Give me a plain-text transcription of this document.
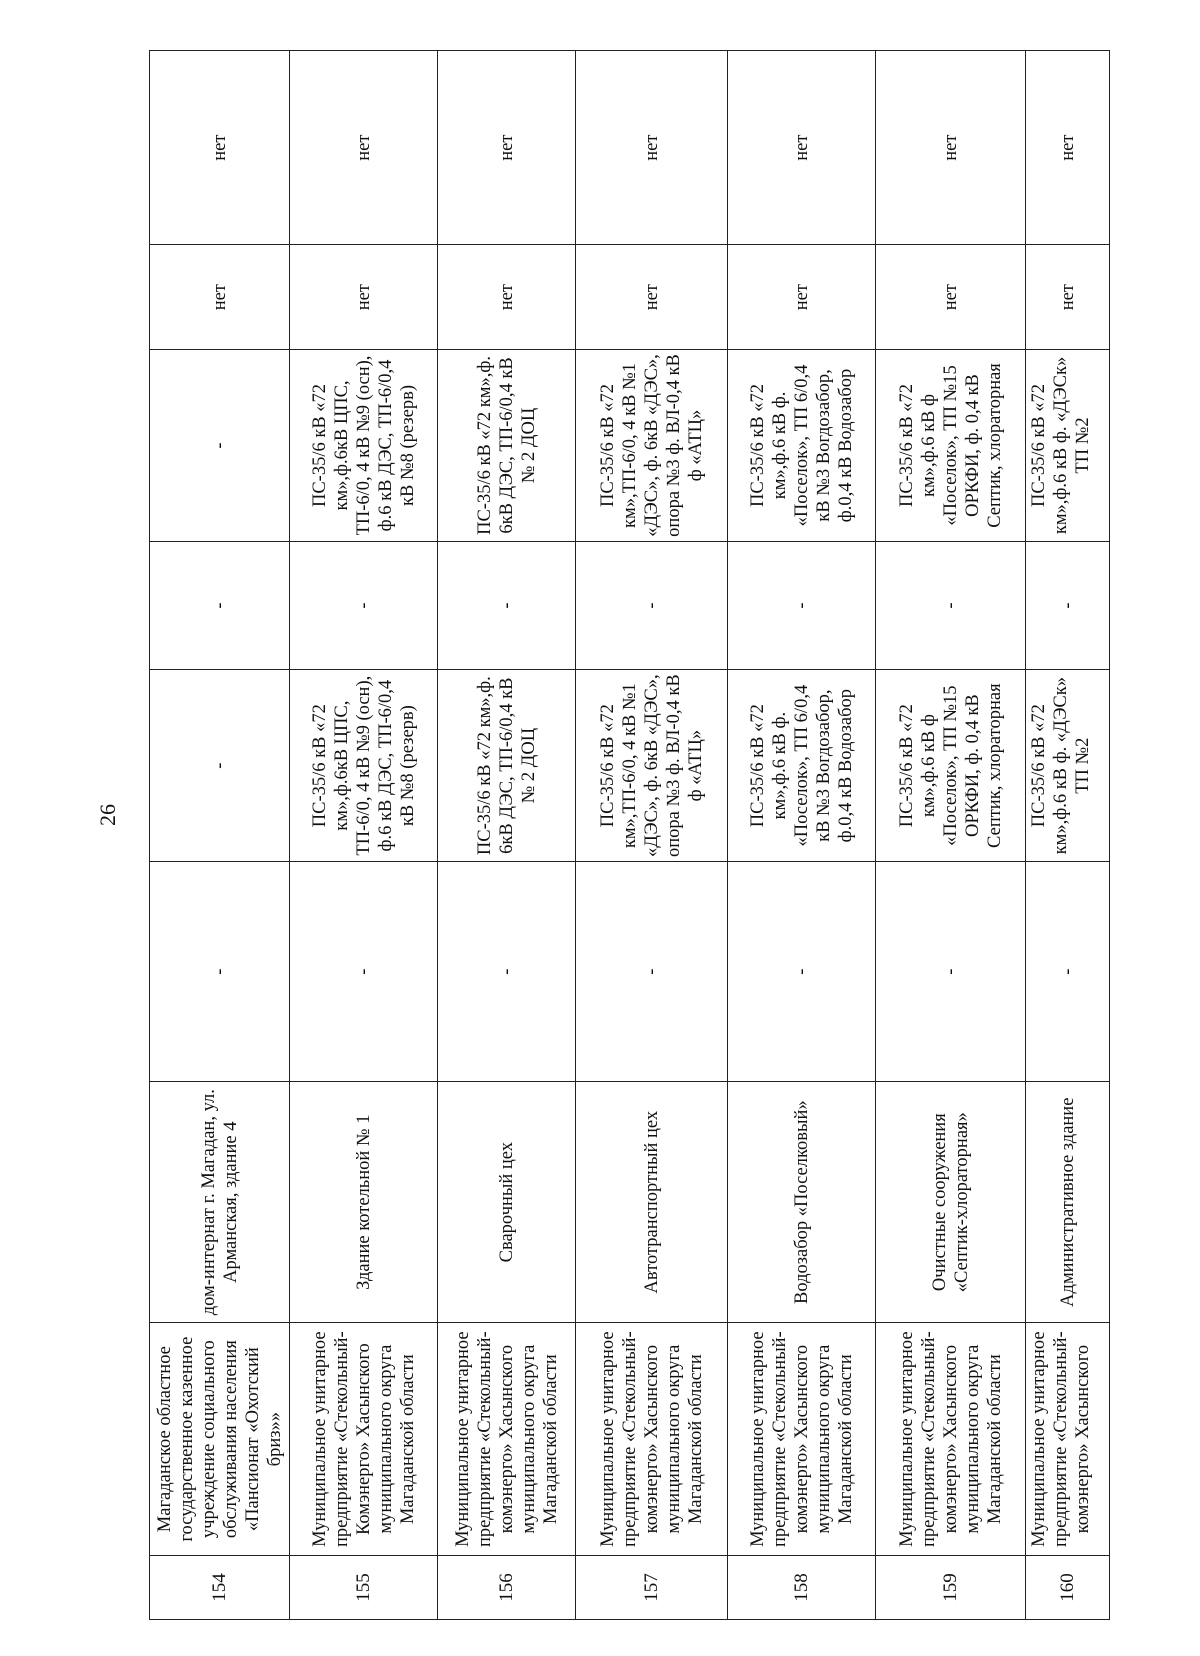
26
154	Магаданское областное государственное казенное учреждение социального обслуживания населения «Пансионат «Охотский бриз»»	дом-интернат г. Магадан, ул. Арманская, здание 4	-	-	-	-	нет	нет
155	Муниципальное унитарное предприятие «Стекольный-Комэнерго» Хасынского муниципального округа Магаданской области	Здание котельной № 1	-	ПС-35/6 кВ «72 км»,ф.6кВ ЦПС, ТП-6/0, 4 кВ №9 (осн), ф.6 кВ ДЭС, ТП-6/0,4 кВ №8 (резерв)	-	ПС-35/6 кВ «72 км»,ф.6кВ ЦПС, ТП-6/0, 4 кВ №9 (осн), ф.6 кВ ДЭС, ТП-6/0,4 кВ №8 (резерв)	нет	нет
156	Муниципальное унитарное предприятие «Стекольный-комэнерго» Хасынского муниципального округа Магаданской области	Сварочный цех	-	ПС-35/6 кВ «72 км»,ф. 6кВ ДЭС, ТП-6/0,4 кВ № 2 ДОЦ	-	ПС-35/6 кВ «72 км»,ф. 6кВ ДЭС, ТП-6/0,4 кВ № 2 ДОЦ	нет	нет
157	Муниципальное унитарное предприятие «Стекольный-комэнерго» Хасынского муниципального округа Магаданской области	Автотранспортный цех	-	ПС-35/6 кВ «72 км»,ТП-6/0, 4 кВ №1 «ДЭС», ф. 6кВ «ДЭС», опора №3 ф. ВЛ-0,4 кВ ф «АТЦ»	-	ПС-35/6 кВ «72 км»,ТП-6/0, 4 кВ №1 «ДЭС», ф. 6кВ «ДЭС», опора №3 ф. ВЛ-0,4 кВ ф «АТЦ»	нет	нет
158	Муниципальное унитарное предприятие «Стекольный-комэнерго» Хасынского муниципального округа Магаданской области	Водозабор «Поселковый»	-	ПС-35/6 кВ «72 км»,ф.6 кВ ф. «Поселок», ТП 6/0,4 кВ №3 Вогдозабор, ф.0,4 кВ Водозабор	-	ПС-35/6 кВ «72 км»,ф.6 кВ ф. «Поселок», ТП 6/0,4 кВ №3 Вогдозабор, ф.0,4 кВ Водозабор	нет	нет
159	Муниципальное унитарное предприятие «Стекольный-комэнерго» Хасынского муниципального округа Магаданской области	Очистные сооружения «Септик-хлораторная»	-	ПС-35/6 кВ «72 км»,ф.6 кВ ф «Поселок», ТП №15 ОРКФИ, ф. 0,4 кВ Септик, хлораторная	-	ПС-35/6 кВ «72 км»,ф.6 кВ ф «Поселок», ТП №15 ОРКФИ, ф. 0,4 кВ Септик, хлораторная	нет	нет
160	Муниципальное унитарное предприятие «Стекольный-комэнерго» Хасынского	Административное здание	-	ПС-35/6 кВ «72 км»,ф.6 кВ ф. «ДЭСк» ТП №2	-	ПС-35/6 кВ «72 км»,ф.6 кВ ф. «ДЭСк» ТП №2	нет	нет
